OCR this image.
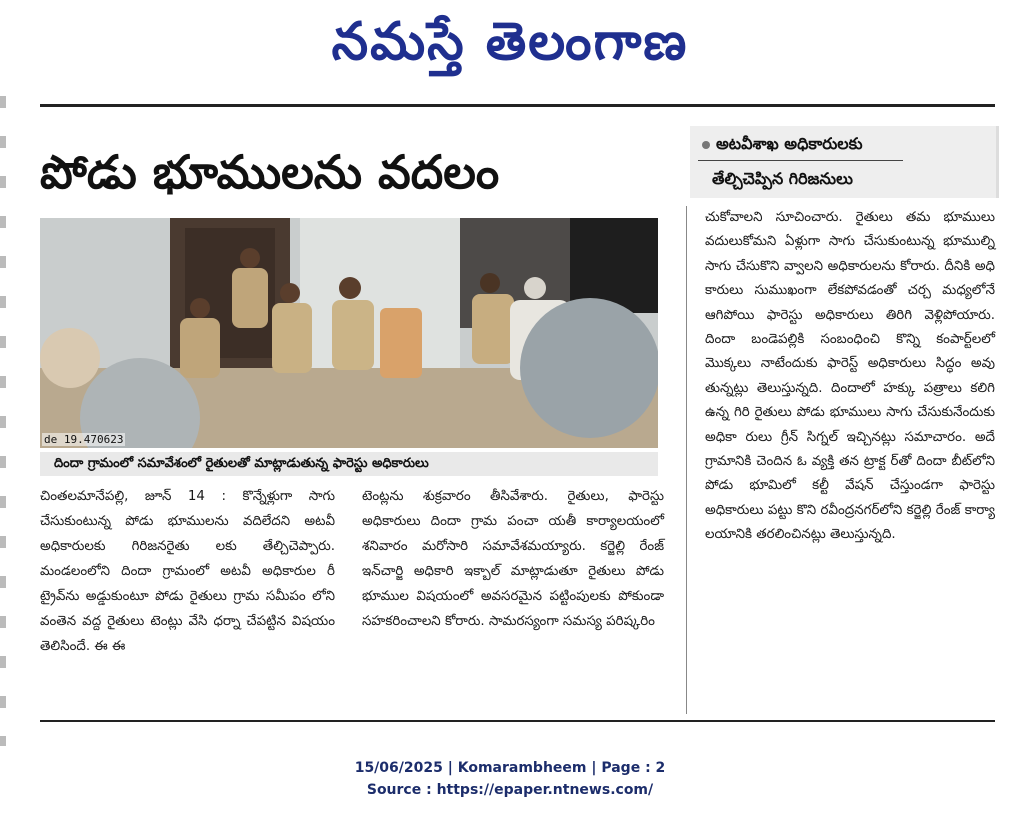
నమస్తే తెలంగాణ
పోడు భూములను వదలం
అటవీశాఖ అధికారులకు
తేల్చిచెప్పిన గిరిజనులు
de 19.470623
దిందా గ్రామంలో సమావేశంలో రైతులతో మాట్లాడుతున్న ఫారెస్టు అధికారులు

చింతలమానేపల్లి, జూన్ 14 : కొన్నేళ్లుగా సాగు చేసుకుంటున్న పోడు భూములను వదిలేదని అటవీ అధికారులకు గిరిజనరైతు లకు తేల్చిచెప్పారు. మండలంలోని దిందా గ్రామంలో అటవీ అధికారుల రీ ట్రైవ్‌ను అడ్డుకుంటూ పోడు రైతులు గ్రామ సమీపం లోని వంతెన వద్ద రైతులు టెంట్లు వేసి ధర్నా చేపట్టిన విషయం తెలిసిందే. ఈ ఈ

టెంట్లను శుక్రవారం తీసివేశారు. రైతులు, ఫారెస్టు అధికారులు దిందా గ్రామ పంచా యతీ కార్యాలయంలో శనివారం మరోసారి సమావేశమయ్యారు. కర్జెల్లి రేంజ్ ఇన్‌చార్జి అధికారి ఇక్బాల్ మాట్లాడుతూ రైతులు పోడు భూముల విషయంలో అవసరమైన పట్టింపులకు పోకుండా సహకరించాలని కోరారు. సామరస్యంగా సమస్య పరిష్కరిం

చుకోవాలని సూచించారు. రైతులు తమ భూములు వదులుకోమని ఏళ్లుగా సాగు చేసుకుంటున్న భూముల్ని సాగు చేసుకొని వ్వాలని అధికారులను కోరారు. దీనికి అధి కారులు సుముఖంగా లేకపోవడంతో చర్చ మధ్యలోనే ఆగిపోయి ఫారెస్టు అధికారులు తిరిగి వెళ్లిపోయారు. దిందా బండెపల్లికి సంబంధించి కొన్ని కంపార్ట్‌లలో మొక్కలు నాటేందుకు ఫారెస్ట్ అధికారులు సిద్ధం అవు తున్నట్లు తెలుస్తున్నది. దిందాలో హక్కు పత్రాలు కలిగి ఉన్న గిరి రైతులు పోడు భూములు సాగు చేసుకునేందుకు అధికా రులు గ్రీన్ సిగ్నల్ ఇచ్చినట్లు సమాచారం. అదే గ్రామానికి చెందిన ఓ వ్యక్తి తన ట్రాక్ట ర్‌తో దిందా బీట్‌లోని పోడు భూమిలో కల్టీ వేషన్ చేస్తుండగా ఫారెస్టు అధికారులు పట్టు కొని రవీంద్రనగర్‌లోని కర్జెల్లి రేంజ్ కార్యా లయానికి తరలించినట్లు తెలుస్తున్నది.

15/06/2025 | Komarambheem | Page : 2
Source : https://epaper.ntnews.com/
